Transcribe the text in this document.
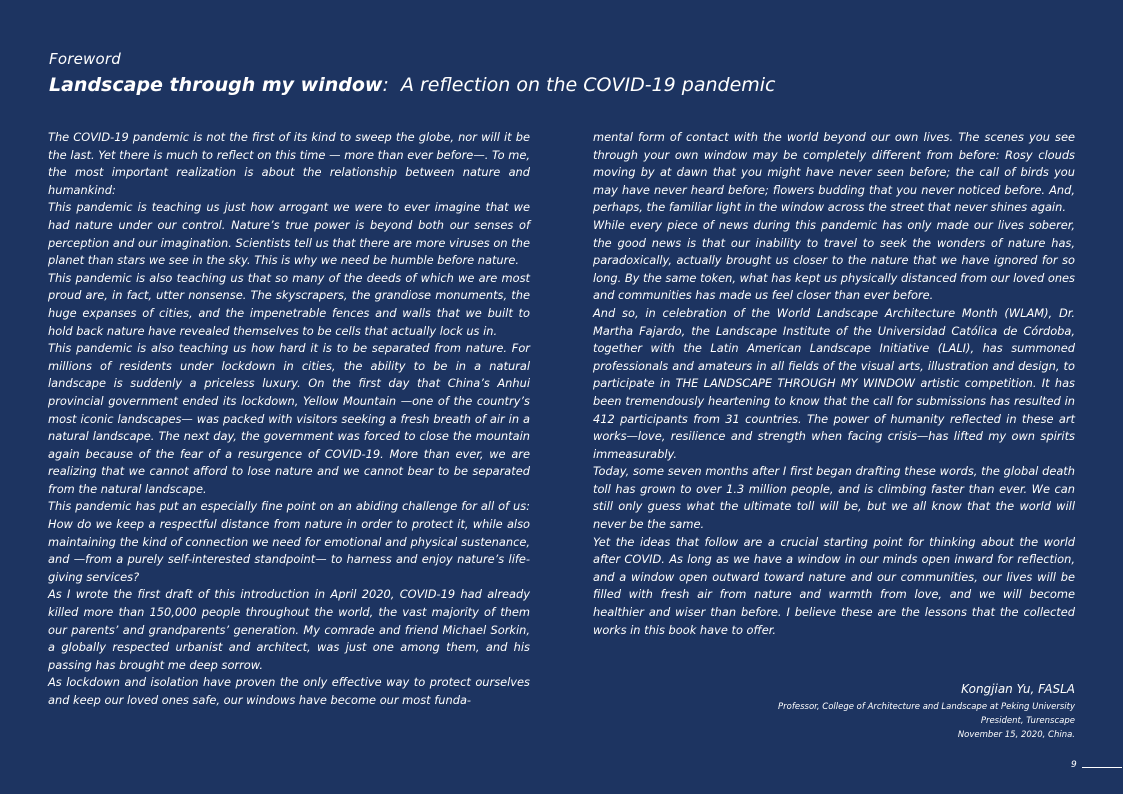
Foreword
Landscape through my window:  A reflection on the COVID-19 pandemic

The COVID-19 pandemic is not the first of its kind to sweep the globe, nor will it be the last. Yet there is much to reflect on this time — more than ever before—. To me, the most important realization is about the relationship between nature and humankind:

This pandemic is teaching us just how arrogant we were to ever imagine that we had nature under our control. Nature’s true power is beyond both our senses of perception and our imagination. Scientists tell us that there are more viruses on the planet than stars we see in the sky. This is why we need be humble before nature.

This pandemic is also teaching us that so many of the deeds of which we are most proud are, in fact, utter nonsense. The skyscrapers, the grandiose monuments, the huge expanses of cities, and the impenetrable fences and walls that we built to hold back nature have revealed themselves to be cells that actually lock us in.

This pandemic is also teaching us how hard it is to be separated from nature. For millions of residents under lockdown in cities, the ability to be in a natural landscape is suddenly a priceless luxury. On the first day that China’s Anhui provincial government ended its lockdown, Yellow Mountain —one of the country’s most iconic landscapes— was packed with visitors seeking a fresh breath of air in a natural landscape. The next day, the government was forced to close the mountain again because of the fear of a resurgence of COVID-19. More than ever, we are realizing that we cannot afford to lose nature and we cannot bear to be separated from the natural landscape.

This pandemic has put an especially fine point on an abiding challenge for all of us: How do we keep a respectful distance from nature in order to protect it, while also maintaining the kind of connection we need for emotional and physical sustenance, and —from a purely self-interested standpoint— to harness and enjoy nature’s life-giving services?

As I wrote the first draft of this introduction in April 2020, COVID-19 had already killed more than 150,000 people throughout the world, the vast majority of them our parents’ and grandparents’ generation. My comrade and friend Michael Sorkin, a globally respected urbanist and architect, was just one among them, and his passing has brought me deep sorrow.

As lockdown and isolation have proven the only effective way to protect ourselves and keep our loved ones safe, our windows have become our most funda-

mental form of contact with the world beyond our own lives. The scenes you see through your own window may be completely different from before: Rosy clouds moving by at dawn that you might have never seen before; the call of birds you may have never heard before; flowers budding that you never noticed before. And, perhaps, the familiar light in the window across the street that never shines again.

While every piece of news during this pandemic has only made our lives soberer, the good news is that our inability to travel to seek the wonders of nature has, paradoxically, actually brought us closer to the nature that we have ignored for so long. By the same token, what has kept us physically distanced from our loved ones and communities has made us feel closer than ever before.

And so, in celebration of the World Landscape Architecture Month (WLAM), Dr. Martha Fajardo, the Landscape Institute of the Universidad Católica de Córdoba, together with the Latin American Landscape Initiative (LALI), has summoned professionals and amateurs in all fields of the visual arts, illustration and design, to participate in THE LANDSCAPE THROUGH MY WINDOW artistic competition. It has been tremendously heartening to know that the call for submissions has resulted in 412 participants from 31 countries. The power of humanity reflected in these art works—love, resilience and strength when facing crisis—has lifted my own spirits immeasurably.

Today, some seven months after I first began drafting these words, the global death toll has grown to over 1.3 million people, and is climbing faster than ever. We can still only guess what the ultimate toll will be, but we all know that the world will never be the same.

Yet the ideas that follow are a crucial starting point for thinking about the world after COVID. As long as we have a window in our minds open inward for reflection, and a window open outward toward nature and our communities, our lives will be filled with fresh air from nature and warmth from love, and we will become healthier and wiser than before. I believe these are the lessons that the collected works in this book have to offer.

Kongjian Yu, FASLA
Professor, College of Architecture and Landscape at Peking University
President, Turenscape
November 15, 2020, China.
9
